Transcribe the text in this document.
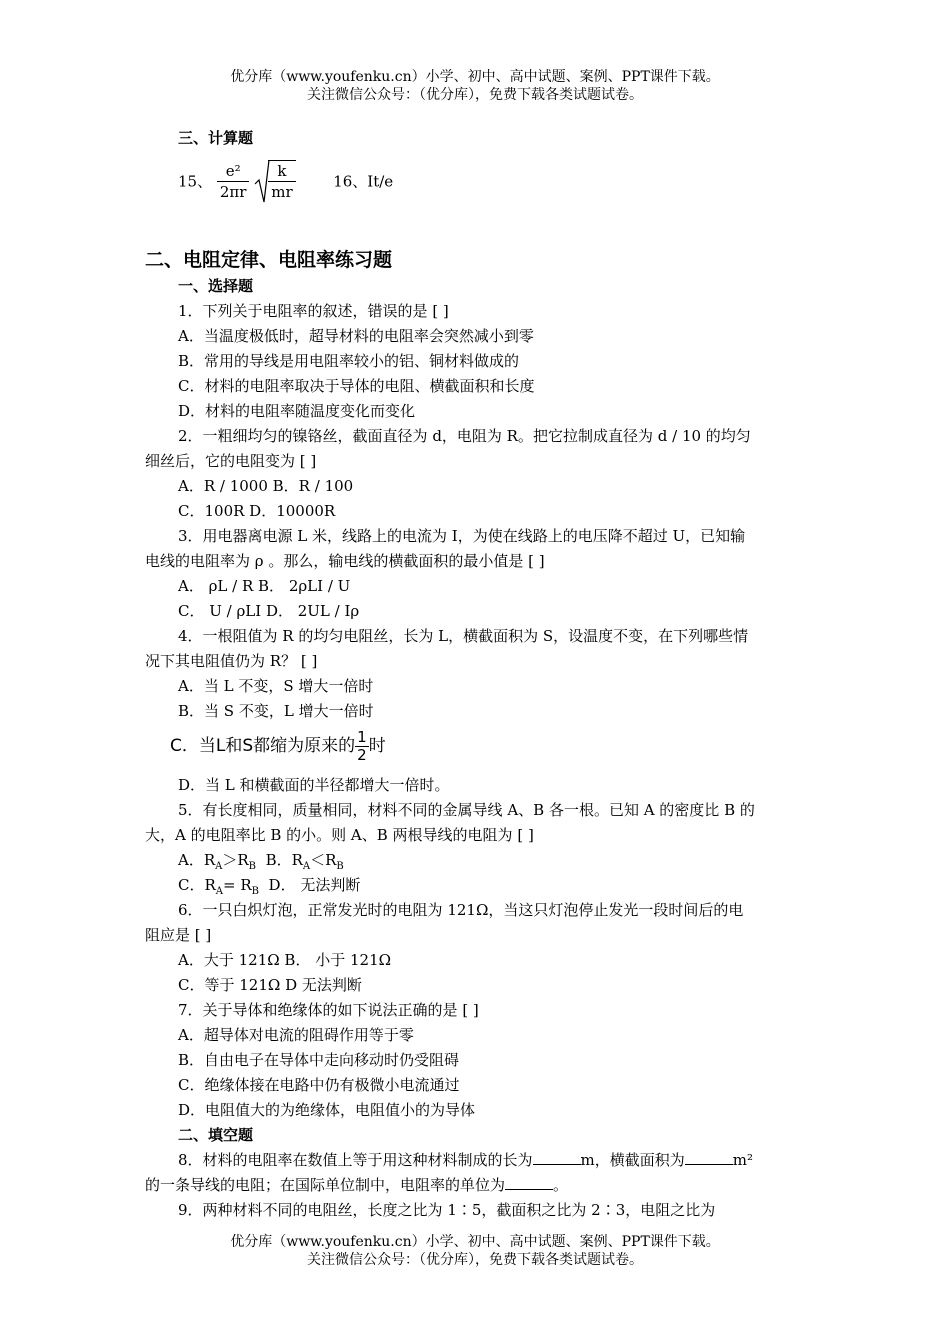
优分库（www.youfenku.cn）小学、初中、高中试题、案例、PPT课件下载。
关注微信公众号：（优分库），免费下载各类试题试卷。
三、计算题
15、 $\frac{\text{e²}}{2\pi r}$
$\frac{k}{mr}$	16、It/e
二、电阻定律、电阻率练习题
一、选择题
1．下列关于电阻率的叙述，错误的是 [ ]
A．当温度极低时，超导材料的电阻率会突然减小到零
B．常用的导线是用电阻率较小的铝、铜材料做成的
C．材料的电阻率取决于导体的电阻、横截面积和长度
D．材料的电阻率随温度变化而变化
2．一粗细均匀的镍铬丝，截面直径为 d，电阻为 R。把它拉制成直径为 d / 10 的均匀
细丝后，它的电阻变为 [ ]
A．R / 1000 B．R / 100
C．100R D．10000R
3．用电器离电源 L 米，线路上的电流为 I，为使在线路上的电压降不超过 U，已知输
电线的电阻率为 ρ 。那么，输电线的横截面积的最小值是 [ ]
A． ρL / R B． 2ρLI / U
C． U / ρLI D． 2UL / Iρ
4．一根阻值为 R 的均匀电阻丝，长为 L，横截面积为 S，设温度不变，在下列哪些情
况下其电阻值仍为 R？ [ ]
A．当 L 不变，S 增大一倍时
B．当 S 不变，L 增大一倍时
C．当L和S都缩为原来的 $\frac{1}{2}$ 时
D．当 L 和横截面的半径都增大一倍时。
5．有长度相同，质量相同，材料不同的金属导线 A、B 各一根。已知 A 的密度比 B 的
大，A 的电阻率比 B 的小。则 A、B 两根导线的电阻为 [ ]
A．$R_A>R_B$  B．$R_A<R_B$
C．$R_A= R_B$  D． 无法判断
6．一只白炽灯泡，正常发光时的电阻为 121Ω，当这只灯泡停止发光一段时间后的电
阻应是 [ ]
A．大于 121Ω B． 小于 121Ω
C．等于 121Ω D 无法判断
7．关于导体和绝缘体的如下说法正确的是 [ ]
A．超导体对电流的阻碍作用等于零
B．自由电子在导体中走向移动时仍受阻碍
C．绝缘体接在电路中仍有极微小电流通过
D．电阻值大的为绝缘体，电阻值小的为导体
二、填空题
8．材料的电阻率在数值上等于用这种材料制成的长为	m，横截面积为	m²
的一条导线的电阻；在国际单位制中，电阻率的单位为	。
9．两种材料不同的电阻丝，长度之比为 1∶5，截面积之比为 2∶3，电阻之比为
优分库（www.youfenku.cn）小学、初中、高中试题、案例、PPT课件下载。
关注微信公众号：（优分库），免费下载各类试题试卷。
